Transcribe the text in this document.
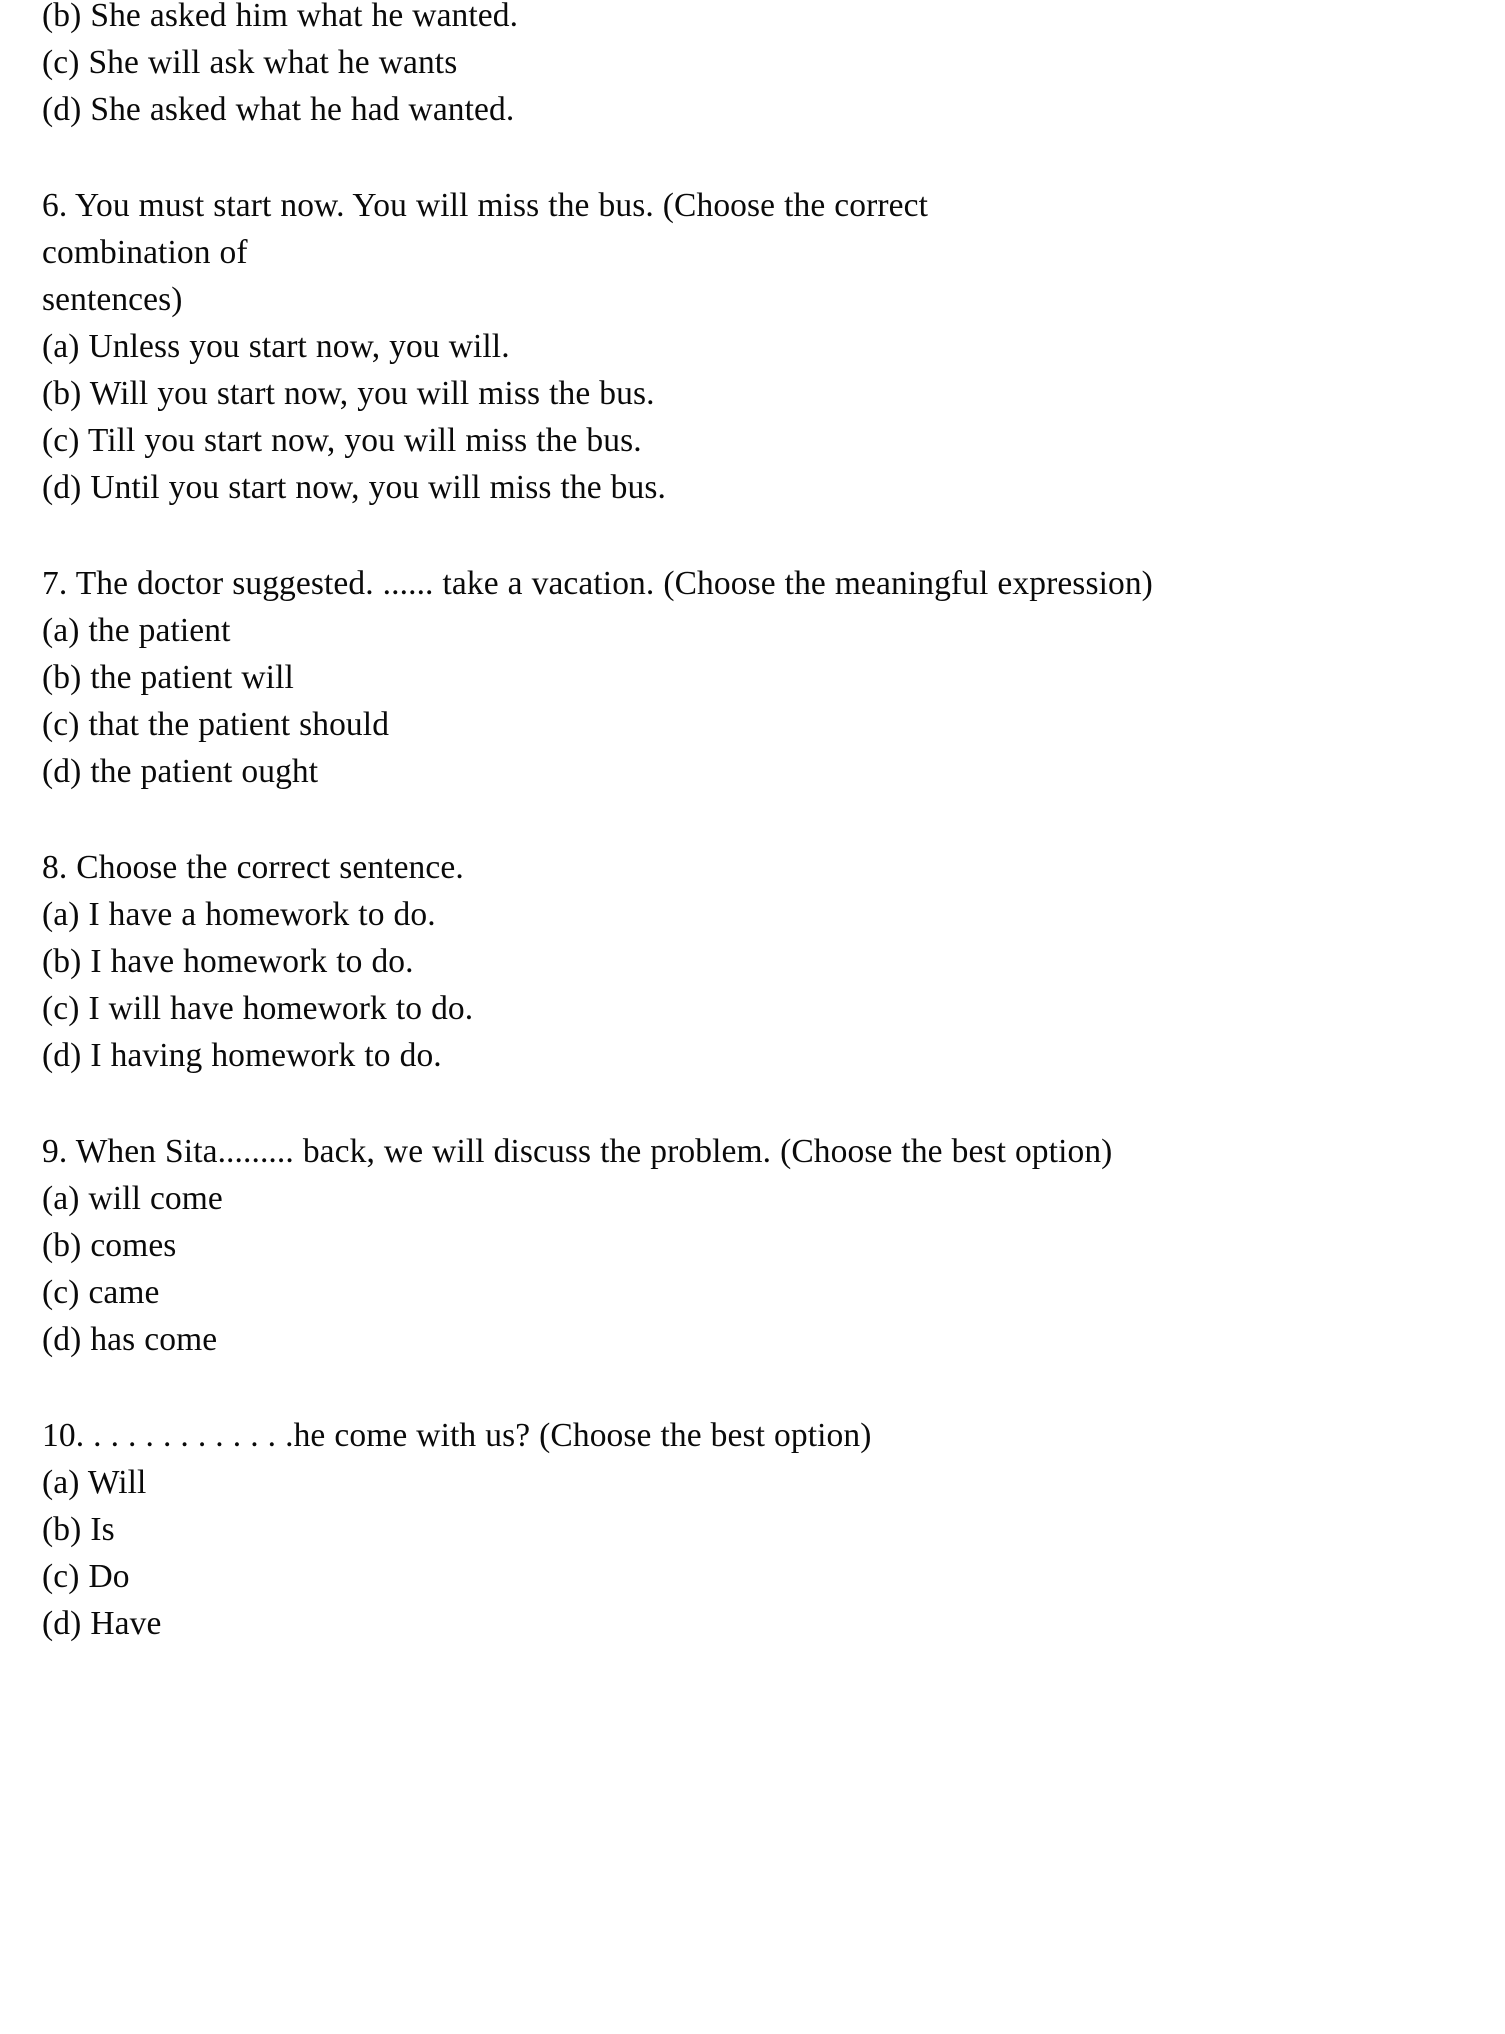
(b) She asked him what he wanted.
(c) She will ask what he wants
(d) She asked what he had wanted.
6. You must start now. You will miss the bus. (Choose the correct combination of
sentences)
(a) Unless you start now, you will.
(b) Will you start now, you will miss the bus.
(c) Till you start now, you will miss the bus.
(d) Until you start now, you will miss the bus.
7. The doctor suggested. ...... take a vacation. (Choose the meaningful expression)
(a) the patient
(b) the patient will
(c) that the patient should
(d) the patient ought
8. Choose the correct sentence.
(a) I have a homework to do.
(b) I have homework to do.
(c) I will have homework to do.
(d) I having homework to do.
9. When Sita......... back, we will discuss the problem. (Choose the best option)
(a) will come
(b) comes
(c) came
(d) has come
10. . . . . . . . . . . . .he come with us? (Choose the best option)
(a) Will
(b) Is
(c) Do
(d) Have
